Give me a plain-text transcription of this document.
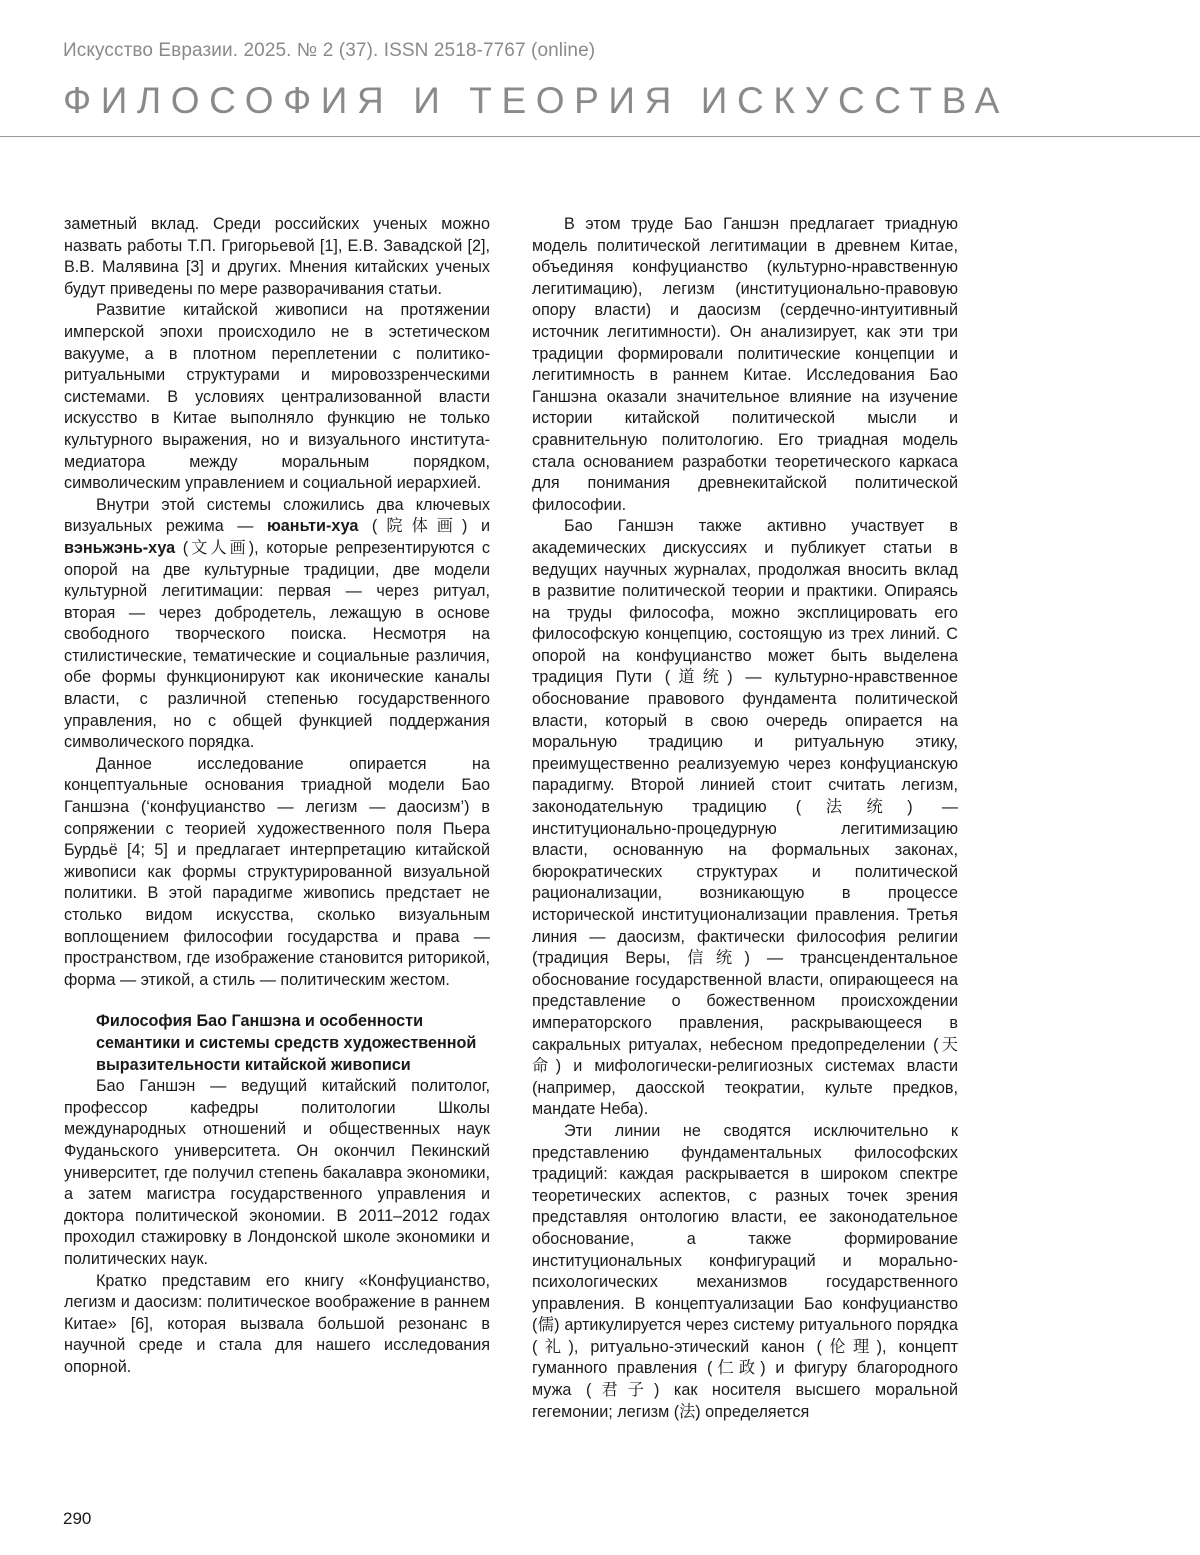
Искусство Евразии. 2025. № 2 (37). ISSN 2518-7767 (online)
ФИЛОСОФИЯ И ТЕОРИЯ ИСКУССТВА

заметный вклад. Среди российских ученых можно назвать работы Т.П. Григорьевой [1], Е.В. Завадской [2], В.В. Малявина [3] и других. Мнения китайских ученых будут приведены по мере разворачивания статьи.

Развитие китайской живописи на протяжении имперской эпохи происходило не в эстетическом вакууме, а в плотном переплетении с политико-ритуальными структурами и мировоззренческими системами. В условиях централизованной власти искусство в Китае выполняло функцию не только культурного выражения, но и визуального института-медиатора между моральным порядком, символическим управлением и социальной иерархией.

Внутри этой системы сложились два ключевых визуальных режима — юаньти-хуа (院体画) и вэньжэнь-хуа (文人画), которые репрезентируются с опорой на две культурные традиции, две модели культурной легитимации: первая — через ритуал, вторая — через добродетель, лежащую в основе свободного творческого поиска. Несмотря на стилистические, тематические и социальные различия, обе формы функционируют как иконические каналы власти, с различной степенью государственного управления, но с общей функцией поддержания символического порядка.

Данное исследование опирается на концептуальные основания триадной модели Бао Ганшэна (‘конфуцианство — легизм — даосизм’) в сопряжении с теорией художественного поля Пьера Бурдьё [4; 5] и предлагает интерпретацию китайской живописи как формы структурированной визуальной политики. В этой парадигме живопись предстает не столько видом искусства, сколько визуальным воплощением философии государства и права — пространством, где изображение становится риторикой, форма — этикой, а стиль — политическим жестом.

Философия Бао Ганшэна и особенности семантики и системы средств художественной выразительности китайской живописи

Бао Ганшэн — ведущий китайский политолог, профессор кафедры политологии Школы международных отношений и общественных наук Фуданьского университета. Он окончил Пекинский университет, где получил степень бакалавра экономики, а затем магистра государственного управления и доктора политической экономии. В 2011–2012 годах проходил стажировку в Лондонской школе экономики и политических наук.

Кратко представим его книгу «Конфуцианство, легизм и даосизм: политическое воображение в раннем Китае» [6], которая вызвала большой резонанс в научной среде и стала для нашего исследования опорной.

В этом труде Бао Ганшэн предлагает триадную модель политической легитимации в древнем Китае, объединяя конфуцианство (культурно-нравственную легитимацию), легизм (институционально-правовую опору власти) и даосизм (сердечно-интуитивный источник легитимности). Он анализирует, как эти три традиции формировали политические концепции и легитимность в раннем Китае. Исследования Бао Ганшэна оказали значительное влияние на изучение истории китайской политической мысли и сравнительную политологию. Его триадная модель стала основанием разработки теоретического каркаса для понимания древнекитайской политической философии.

Бао Ганшэн также активно участвует в академических дискуссиях и публикует статьи в ведущих научных журналах, продолжая вносить вклад в развитие политической теории и практики. Опираясь на труды философа, можно эксплицировать его философскую концепцию, состоящую из трех линий. С опорой на конфуцианство может быть выделена традиция Пути (道统) — культурно-нравственное обоснование правового фундамента политической власти, который в свою очередь опирается на моральную традицию и ритуальную этику, преимущественно реализуемую через конфуцианскую парадигму. Второй линией стоит считать легизм, законодательную традицию (法统) — институционально-процедурную легитимизацию власти, основанную на формальных законах, бюрократических структурах и политической рационализации, возникающую в процессе исторической институционализации правления. Третья линия — даосизм, фактически философия религии (традиция Веры, 信统) — трансцендентальное обоснование государственной власти, опирающееся на представление о божественном происхождении императорского правления, раскрывающееся в сакральных ритуалах, небесном предопределении (天命) и мифологически-религиозных системах власти (например, даосской теократии, культе предков, мандате Неба).

Эти линии не сводятся исключительно к представлению фундаментальных философских традиций: каждая раскрывается в широком спектре теоретических аспектов, с разных точек зрения представляя онтологию власти, ее законодательное обоснование, а также формирование институциональных конфигураций и морально-психологических механизмов государственного управления. В концептуализации Бао конфуцианство (儒) артикулируется через систему ритуального порядка (礼), ритуально-этический канон (伦理), концепт гуманного правления (仁政) и фигуру благородного мужа (君子) как носителя высшего моральной гегемонии; легизм (法) определяется

290
